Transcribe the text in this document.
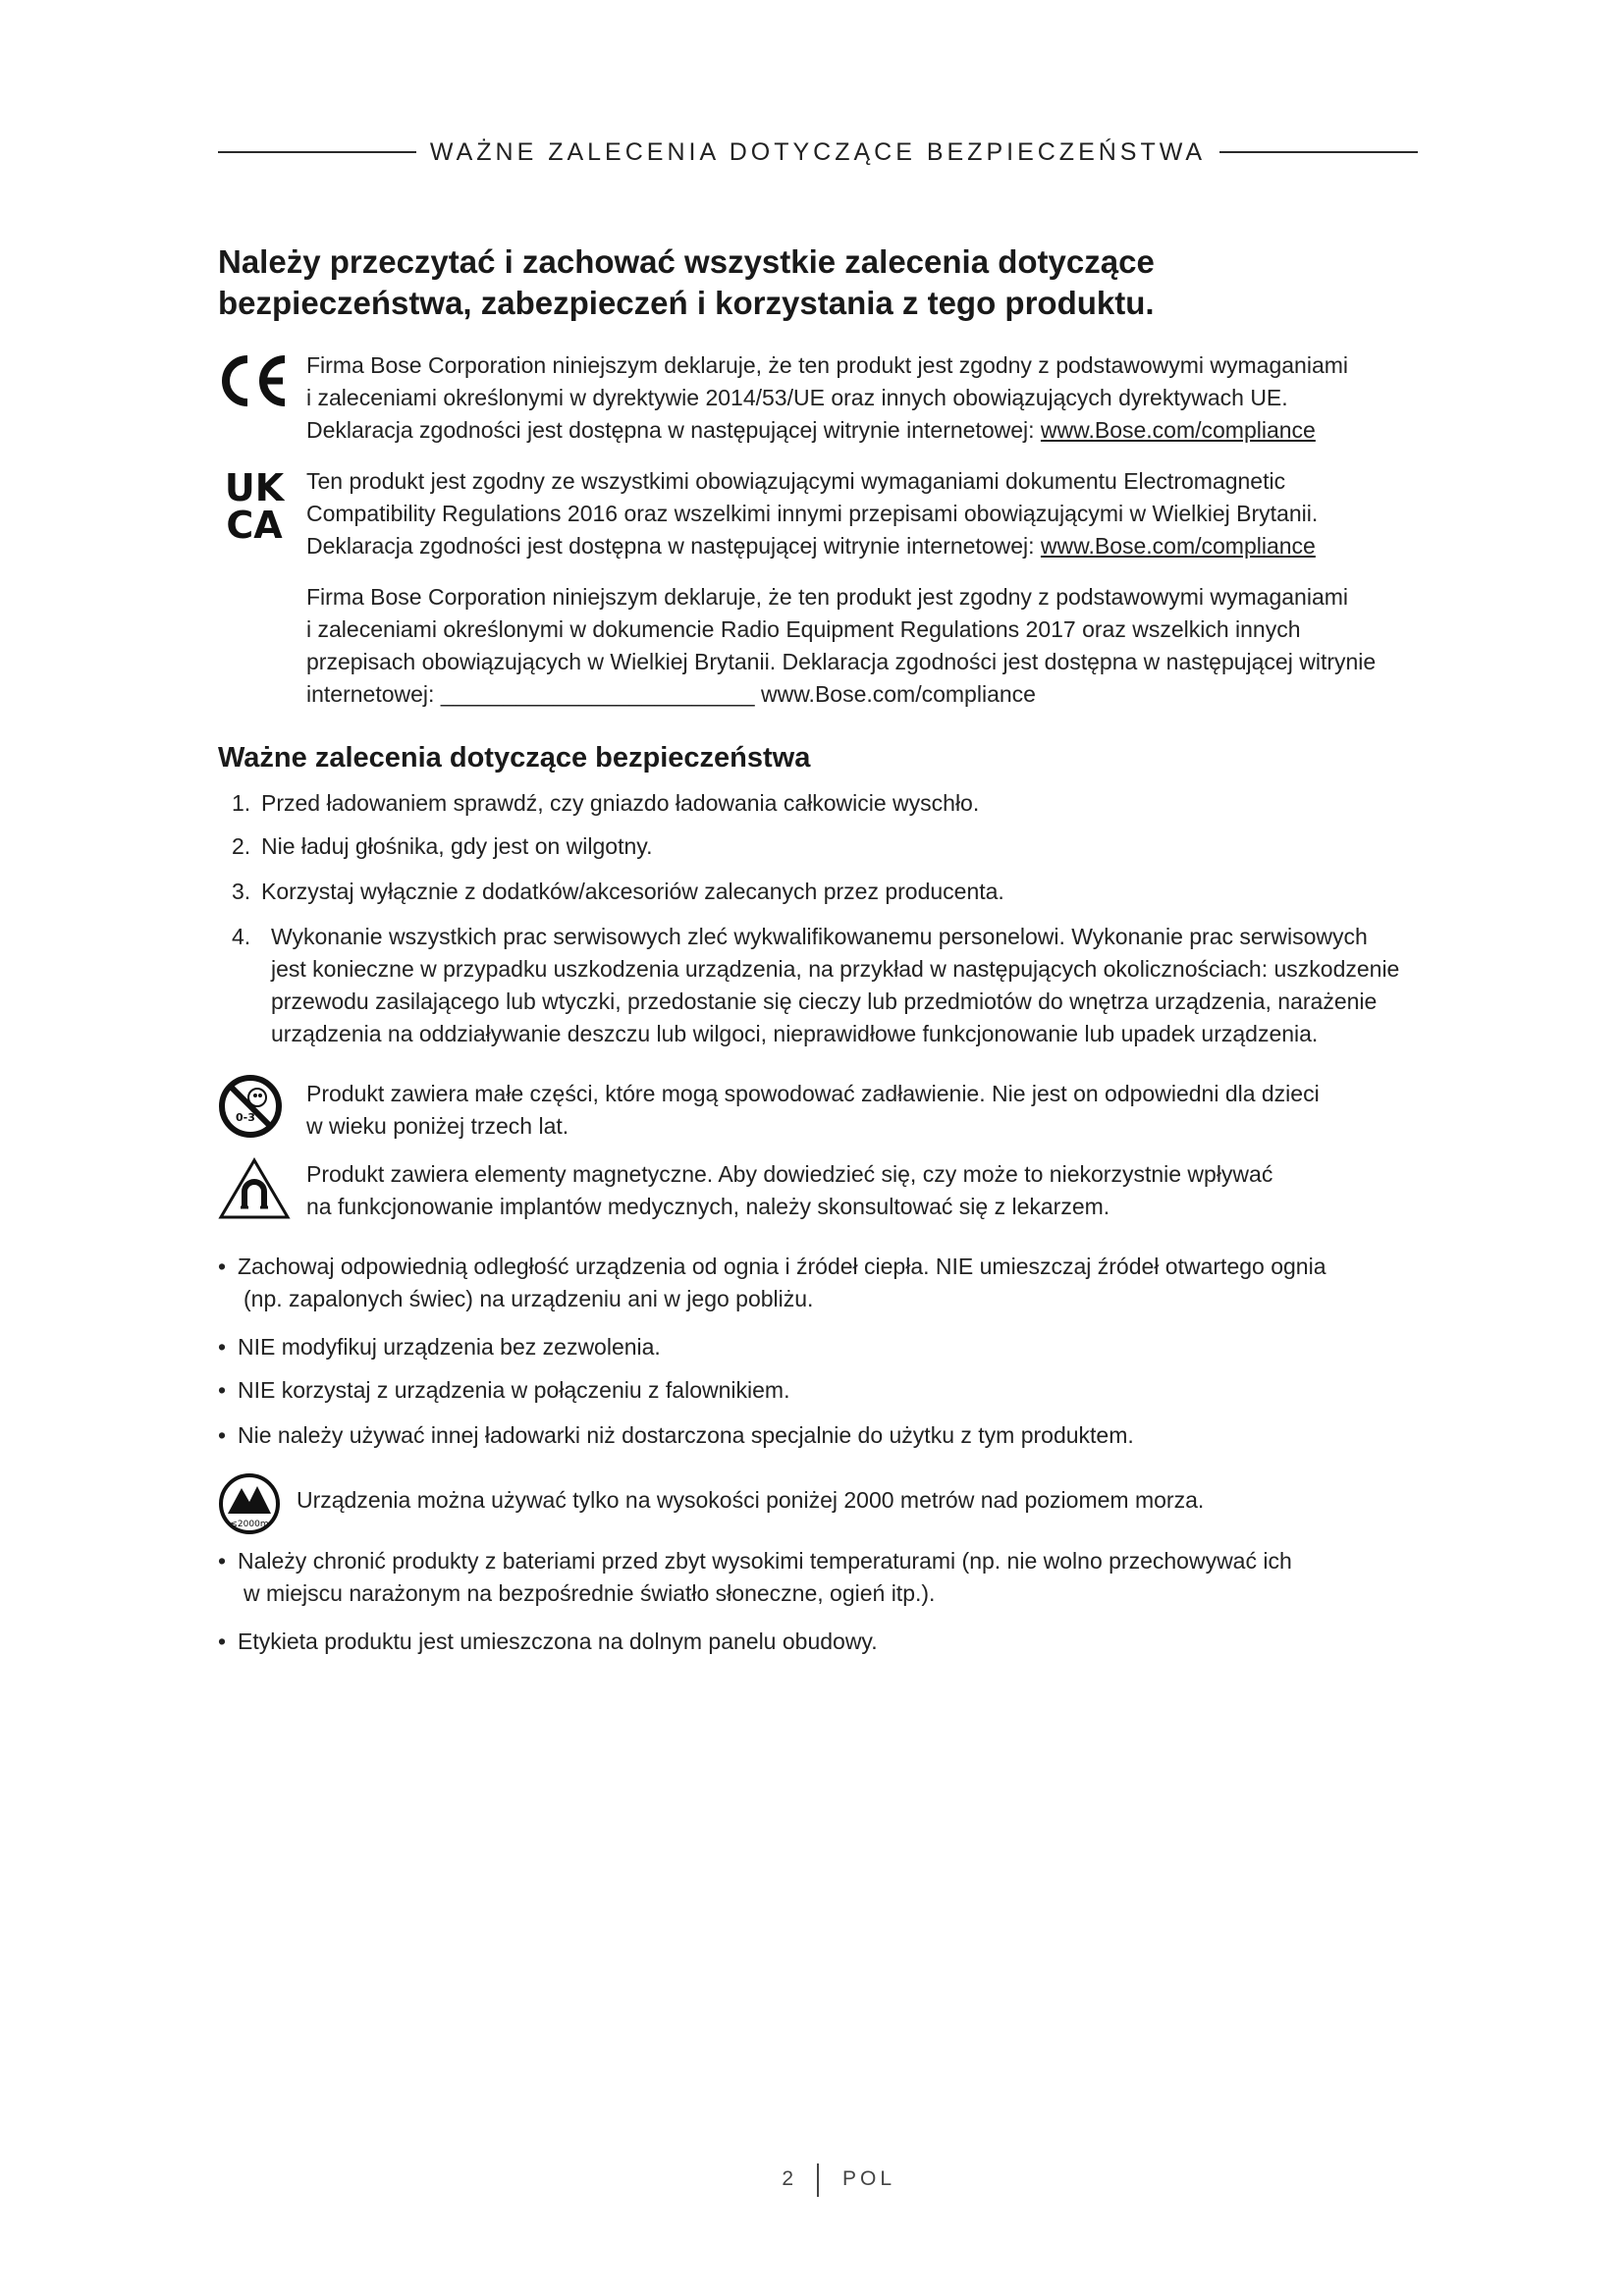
WAŻNE ZALECENIA DOTYCZĄCE BEZPIECZEŃSTWA
Należy przeczytać i zachować wszystkie zalecenia dotyczące
bezpieczeństwa, zabezpieczeń i korzystania z tego produktu.
Firma Bose Corporation niniejszym deklaruje, że ten produkt jest zgodny z podstawowymi wymaganiami
i zaleceniami określonymi w dyrektywie 2014/53/UE oraz innych obowiązujących dyrektywach UE.
Deklaracja zgodności jest dostępna w następującej witrynie internetowej: www.Bose.com/compliance
UK
CA
Ten produkt jest zgodny ze wszystkimi obowiązującymi wymaganiami dokumentu Electromagnetic
Compatibility Regulations 2016 oraz wszelkimi innymi przepisami obowiązującymi w Wielkiej Brytanii.
Deklaracja zgodności jest dostępna w następującej witrynie internetowej: www.Bose.com/compliance
Firma Bose Corporation niniejszym deklaruje, że ten produkt jest zgodny z podstawowymi wymaganiami
i zaleceniami określonymi w dokumencie Radio Equipment Regulations 2017 oraz wszelkich innych
przepisach obowiązujących w Wielkiej Brytanii. Deklaracja zgodności jest dostępna w następującej witrynie
internetowej: _________________________ www.Bose.com/compliance
Ważne zalecenia dotyczące bezpieczeństwa
1. Przed ładowaniem sprawdź, czy gniazdo ładowania całkowicie wyschło.
2. Nie ładuj głośnika, gdy jest on wilgotny.
3. Korzystaj wyłącznie z dodatków/akcesoriów zalecanych przez producenta.
4. Wykonanie wszystkich prac serwisowych zleć wykwalifikowanemu personelowi. Wykonanie prac serwisowych
jest konieczne w przypadku uszkodzenia urządzenia, na przykład w następujących okolicznościach: uszkodzenie
przewodu zasilającego lub wtyczki, przedostanie się cieczy lub przedmiotów do wnętrza urządzenia, narażenie
urządzenia na oddziaływanie deszczu lub wilgoci, nieprawidłowe funkcjonowanie lub upadek urządzenia.
0-3
Produkt zawiera małe części, które mogą spowodować zadławienie. Nie jest on odpowiedni dla dzieci
w wieku poniżej trzech lat.
Produkt zawiera elementy magnetyczne. Aby dowiedzieć się, czy może to niekorzystnie wpływać
na funkcjonowanie implantów medycznych, należy skonsultować się z lekarzem.
• Zachowaj odpowiednią odległość urządzenia od ognia i źródeł ciepła. NIE umieszczaj źródeł otwartego ognia
(np. zapalonych świec) na urządzeniu ani w jego pobliżu.
• NIE modyfikuj urządzenia bez zezwolenia.
• NIE korzystaj z urządzenia w połączeniu z falownikiem.
• Nie należy używać innej ładowarki niż dostarczona specjalnie do użytku z tym produktem.
≤2000m
Urządzenia można używać tylko na wysokości poniżej 2000 metrów nad poziomem morza.
• Należy chronić produkty z bateriami przed zbyt wysokimi temperaturami (np. nie wolno przechowywać ich
w miejscu narażonym na bezpośrednie światło słoneczne, ogień itp.).
• Etykieta produktu jest umieszczona na dolnym panelu obudowy.
2 POL
